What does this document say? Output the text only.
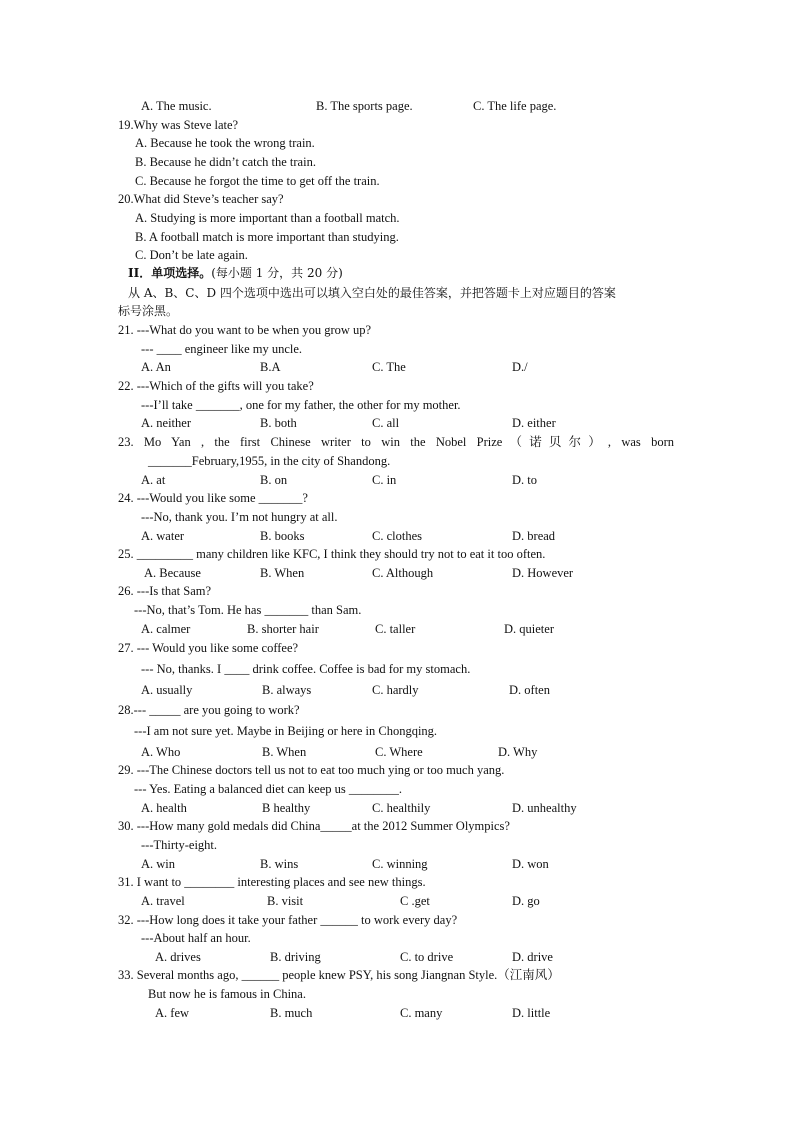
A. The music.	B. The sports page.	C. The life page.
19.Why was Steve late?
A. Because he took the wrong train.
B. Because he didn’t catch the train.
C. Because he forgot the time to get off the train.
20.What did Steve’s teacher say?
A. Studying is more important than a football match.
B. A football match is more important than studying.
C. Don’t be late again.
II．单项选择。(每小题 1 分，共 20 分)
从 A、B、C、D 四个选项中选出可以填入空白处的最佳答案，并把答题卡上对应题目的答案
标号涂黑。
21. ---What do you want to be when you grow up?
--- ____ engineer like my uncle.
A. An	B.A	C. The	D./
22. ---Which of the gifts will you take?
---I’ll take _______, one for my father, the other for my mother.
A. neither	B. both	C. all	D. either
23. Mo Yan , the first Chinese writer to win the Nobel Prize（诺贝尔）, was born
_______February,1955, in the city of Shandong.
A. at	B. on	C. in	D. to
24. ---Would you like some _______?
---No, thank you. I’m not hungry at all.
A. water	B. books	C. clothes	D. bread
25. _________ many children like KFC, I think they should try not to eat it too often.
A. Because	B. When	C. Although	D. However
26. ---Is that Sam?
---No, that’s Tom. He has _______ than Sam.
A. calmer	B. shorter hair	C. taller	D. quieter
27. --- Would you like some coffee?
--- No, thanks. I ____ drink coffee. Coffee is bad for my stomach.
A. usually	B. always	C. hardly	D. often
28.--- _____ are you going to work?
---I am not sure yet. Maybe in Beijing or here in Chongqing.
A. Who	B. When	C. Where	D. Why
29. ---The Chinese doctors tell us not to eat too much ying or too much yang.
--- Yes. Eating a balanced diet can keep us ________.
A. health	B healthy	C. healthily	D. unhealthy
30. ---How many gold medals did China_____at the 2012 Summer Olympics?
---Thirty-eight.
A. win	B. wins	C. winning	D. won
31. I want to ________ interesting places and see new things.
A. travel	B. visit	C .get	D. go
32. ---How long does it take your father ______ to work every day?
---About half an hour.
A. drives	B. driving	C. to drive	D. drive
33. Several months ago, ______ people knew PSY, his song Jiangnan Style.（江南风）
But now he is famous in China.
A. few	B. much	C. many	D. little
